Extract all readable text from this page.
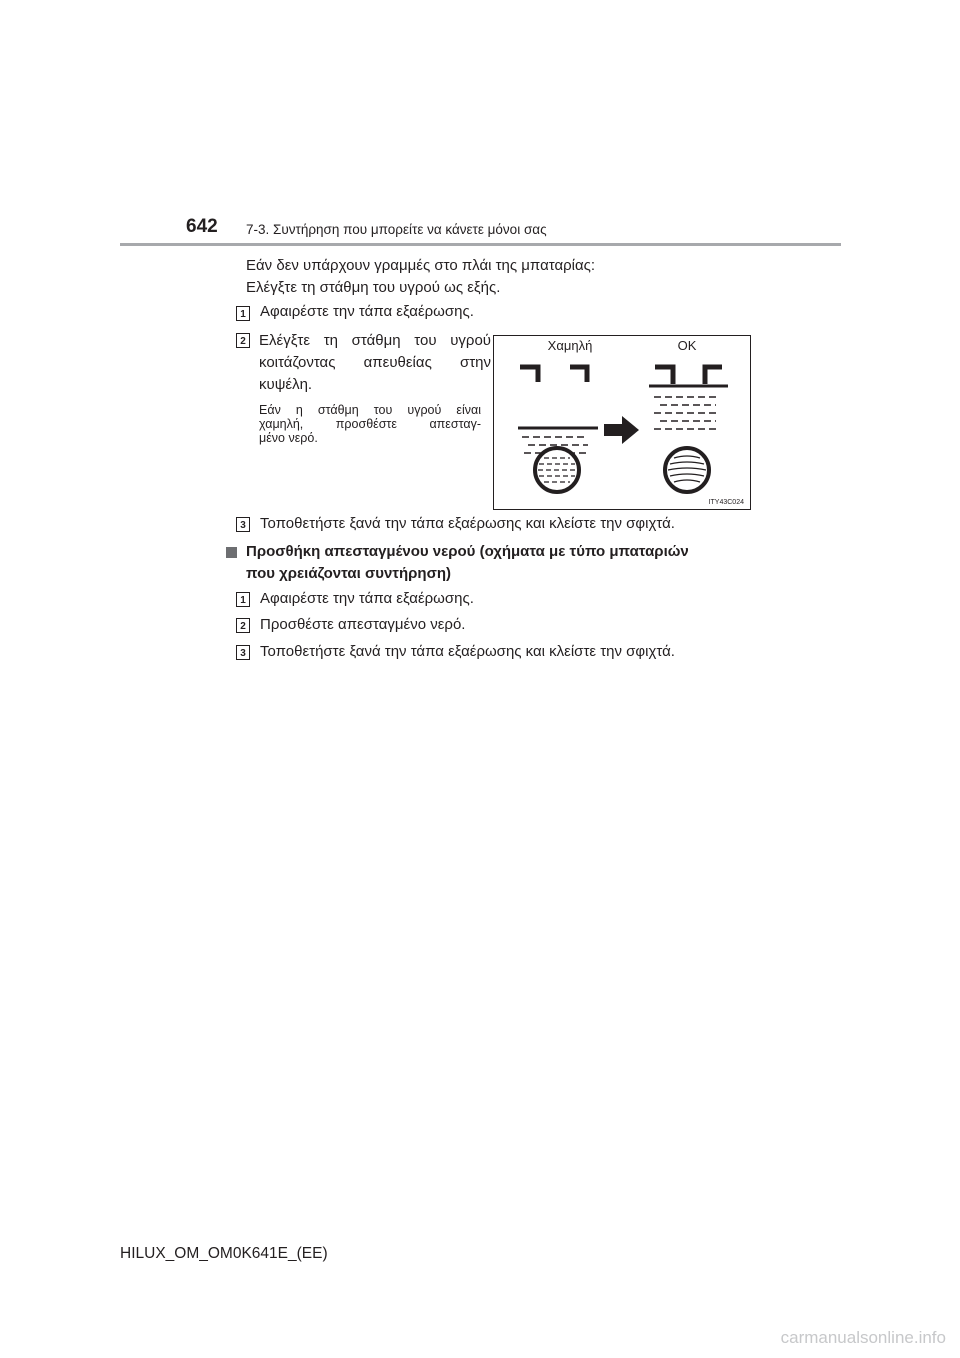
642 7-3. Συντήρηση που μπορείτε να κάνετε μόνοι σας
Εάν δεν υπάρχουν γραμμές στο πλάι της μπαταρίας:
Ελέγξτε τη στάθμη του υγρού ως εξής.
1 Αφαιρέστε την τάπα εξαέρωσης.
2 Ελέγξτε τη στάθμη του υγρού
κοιτάζοντας απευθείας στην
κυψέλη.
Εάν η στάθμη του υγρού είναι
χαμηλή, προσθέστε απεσταγ-
μένο νερό.
Χαμηλή	OK
ITY43C024
3 Τοποθετήστε ξανά την τάπα εξαέρωσης και κλείστε την σφιχτά.
Προσθήκη απεσταγμένου νερού (οχήματα με τύπο μπαταριών
που χρειάζονται συντήρηση)
1 Αφαιρέστε την τάπα εξαέρωσης.
2 Προσθέστε απεσταγμένο νερό.
3 Τοποθετήστε ξανά την τάπα εξαέρωσης και κλείστε την σφιχτά.
HILUX_OM_OM0K641E_(EE)
carmanualsonline.info
